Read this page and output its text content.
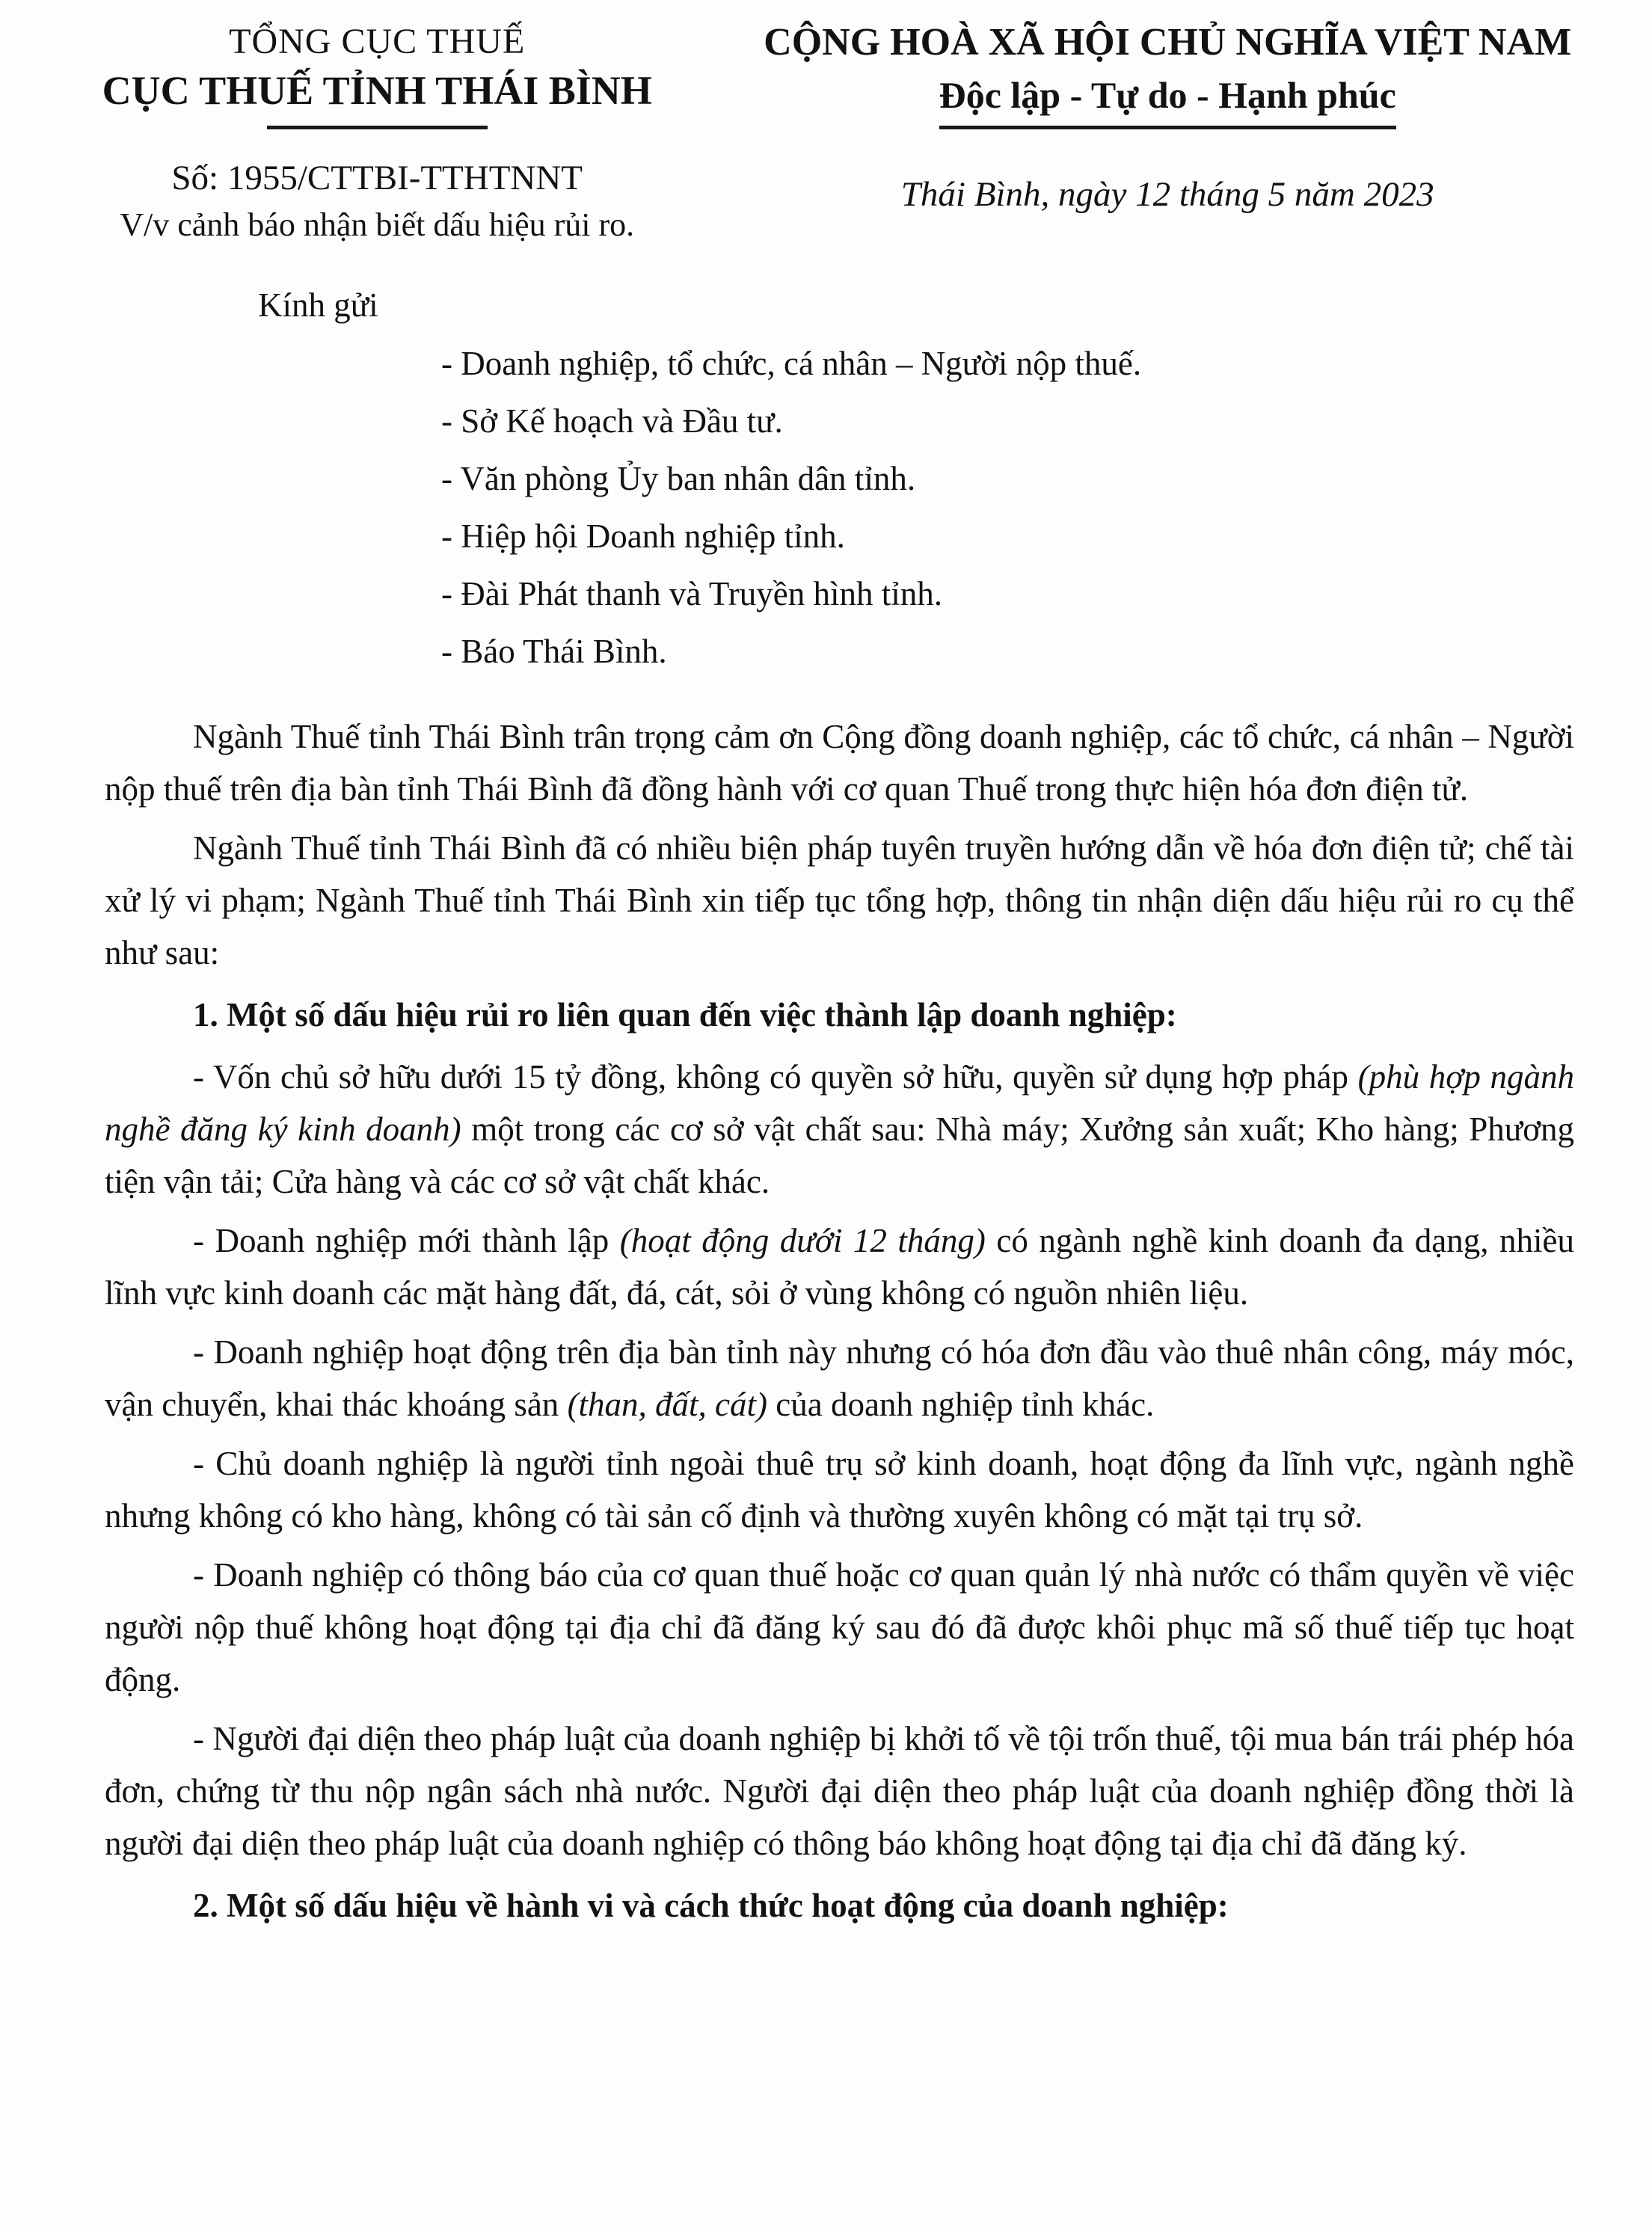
TỔNG CỤC THUẾ
CỤC THUẾ TỈNH THÁI BÌNH
Số: 1955/CTTBI-TTHTNNT
V/v cảnh báo nhận biết dấu hiệu rủi ro.
CỘNG HOÀ XÃ HỘI CHỦ NGHĨA VIỆT NAM
Độc lập - Tự do - Hạnh phúc
Thái Bình, ngày 12 tháng 5 năm 2023
Kính gửi
- Doanh nghiệp, tổ chức, cá nhân – Người nộp thuế.
- Sở Kế hoạch và Đầu tư.
- Văn phòng Ủy ban nhân dân tỉnh.
- Hiệp hội Doanh nghiệp tỉnh.
- Đài Phát thanh và Truyền hình tỉnh.
- Báo Thái Bình.

Ngành Thuế tỉnh Thái Bình trân trọng cảm ơn Cộng đồng doanh nghiệp, các tổ chức, cá nhân – Người nộp thuế trên địa bàn tỉnh Thái Bình đã đồng hành với cơ quan Thuế trong thực hiện hóa đơn điện tử.

Ngành Thuế tỉnh Thái Bình đã có nhiều biện pháp tuyên truyền hướng dẫn về hóa đơn điện tử; chế tài xử lý vi phạm; Ngành Thuế tỉnh Thái Bình xin tiếp tục tổng hợp, thông tin nhận diện dấu hiệu rủi ro cụ thể như sau:

1. Một số dấu hiệu rủi ro liên quan đến việc thành lập doanh nghiệp:

- Vốn chủ sở hữu dưới 15 tỷ đồng, không có quyền sở hữu, quyền sử dụng hợp pháp (phù hợp ngành nghề đăng ký kinh doanh) một trong các cơ sở vật chất sau: Nhà máy; Xưởng sản xuất; Kho hàng; Phương tiện vận tải; Cửa hàng và các cơ sở vật chất khác.

- Doanh nghiệp mới thành lập (hoạt động dưới 12 tháng) có ngành nghề kinh doanh đa dạng, nhiều lĩnh vực kinh doanh các mặt hàng đất, đá, cát, sỏi ở vùng không có nguồn nhiên liệu.

- Doanh nghiệp hoạt động trên địa bàn tỉnh này nhưng có hóa đơn đầu vào thuê nhân công, máy móc, vận chuyển, khai thác khoáng sản (than, đất, cát) của doanh nghiệp tỉnh khác.

- Chủ doanh nghiệp là người tỉnh ngoài thuê trụ sở kinh doanh, hoạt động đa lĩnh vực, ngành nghề nhưng không có kho hàng, không có tài sản cố định và thường xuyên không có mặt tại trụ sở.

- Doanh nghiệp có thông báo của cơ quan thuế hoặc cơ quan quản lý nhà nước có thẩm quyền về việc người nộp thuế không hoạt động tại địa chỉ đã đăng ký sau đó đã được khôi phục mã số thuế tiếp tục hoạt động.

- Người đại diện theo pháp luật của doanh nghiệp bị khởi tố về tội trốn thuế, tội mua bán trái phép hóa đơn, chứng từ thu nộp ngân sách nhà nước. Người đại diện theo pháp luật của doanh nghiệp đồng thời là người đại diện theo pháp luật của doanh nghiệp có thông báo không hoạt động tại địa chỉ đã đăng ký.

2. Một số dấu hiệu về hành vi và cách thức hoạt động của doanh nghiệp:
